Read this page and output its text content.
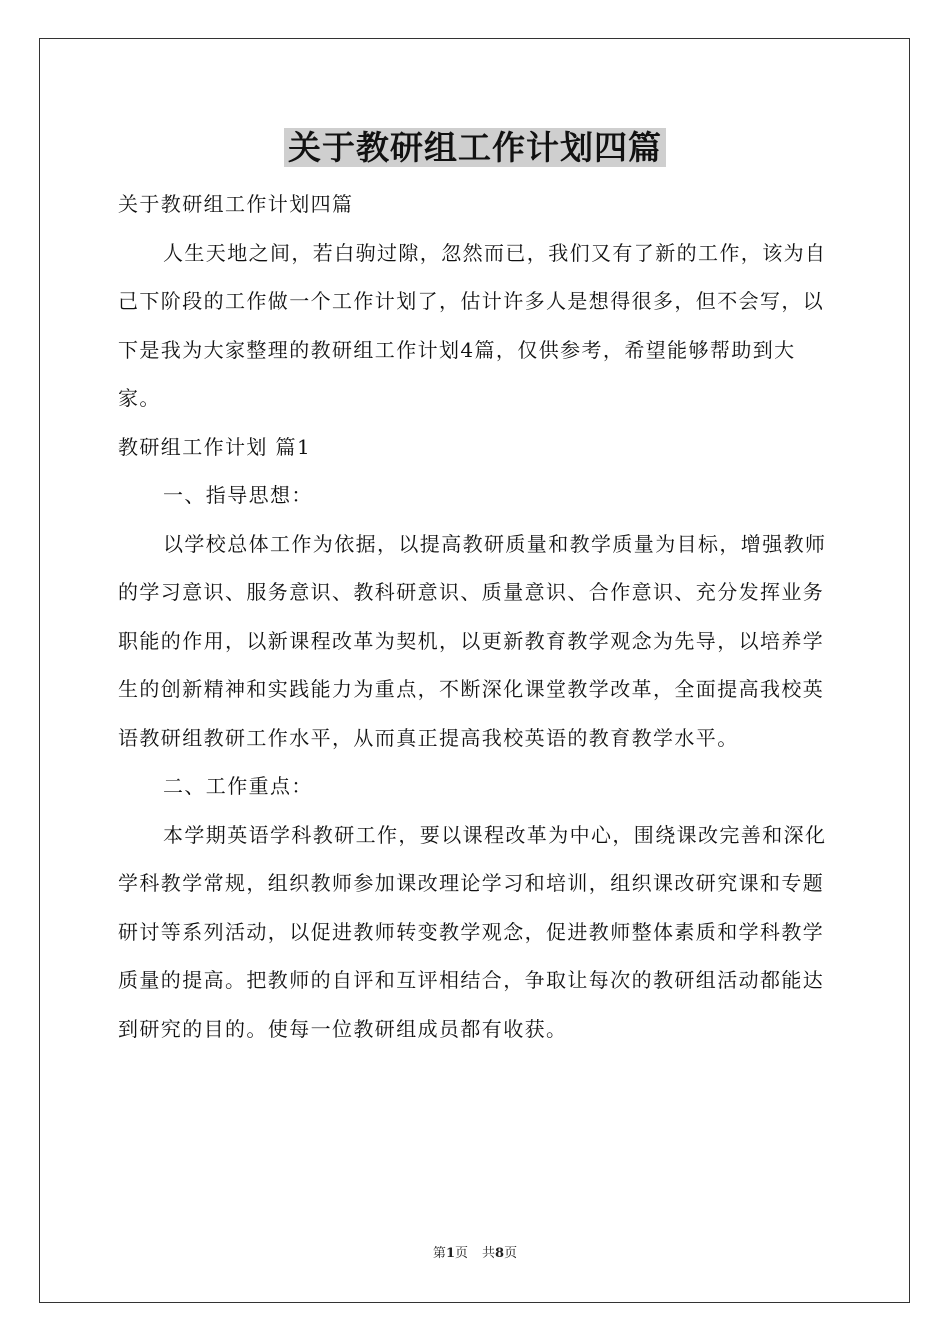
关于教研组工作计划四篇

关于教研组工作计划四篇

人生天地之间，若白驹过隙，忽然而已，我们又有了新的工作，该为自己下阶段的工作做一个工作计划了，估计许多人是想得很多，但不会写，以下是我为大家整理的教研组工作计划4篇，仅供参考，希望能够帮助到大家。

教研组工作计划 篇1

一、指导思想：

以学校总体工作为依据，以提高教研质量和教学质量为目标，增强教师的学习意识、服务意识、教科研意识、质量意识、合作意识、充分发挥业务职能的作用，以新课程改革为契机，以更新教育教学观念为先导，以培养学生的创新精神和实践能力为重点，不断深化课堂教学改革，全面提高我校英语教研组教研工作水平，从而真正提高我校英语的教育教学水平。

二、工作重点：

本学期英语学科教研工作，要以课程改革为中心，围绕课改完善和深化学科教学常规，组织教师参加课改理论学习和培训，组织课改研究课和专题研讨等系列活动，以促进教师转变教学观念，促进教师整体素质和学科教学质量的提高。把教师的自评和互评相结合，争取让每次的教研组活动都能达到研究的目的。使每一位教研组成员都有收获。

第1页 共8页
